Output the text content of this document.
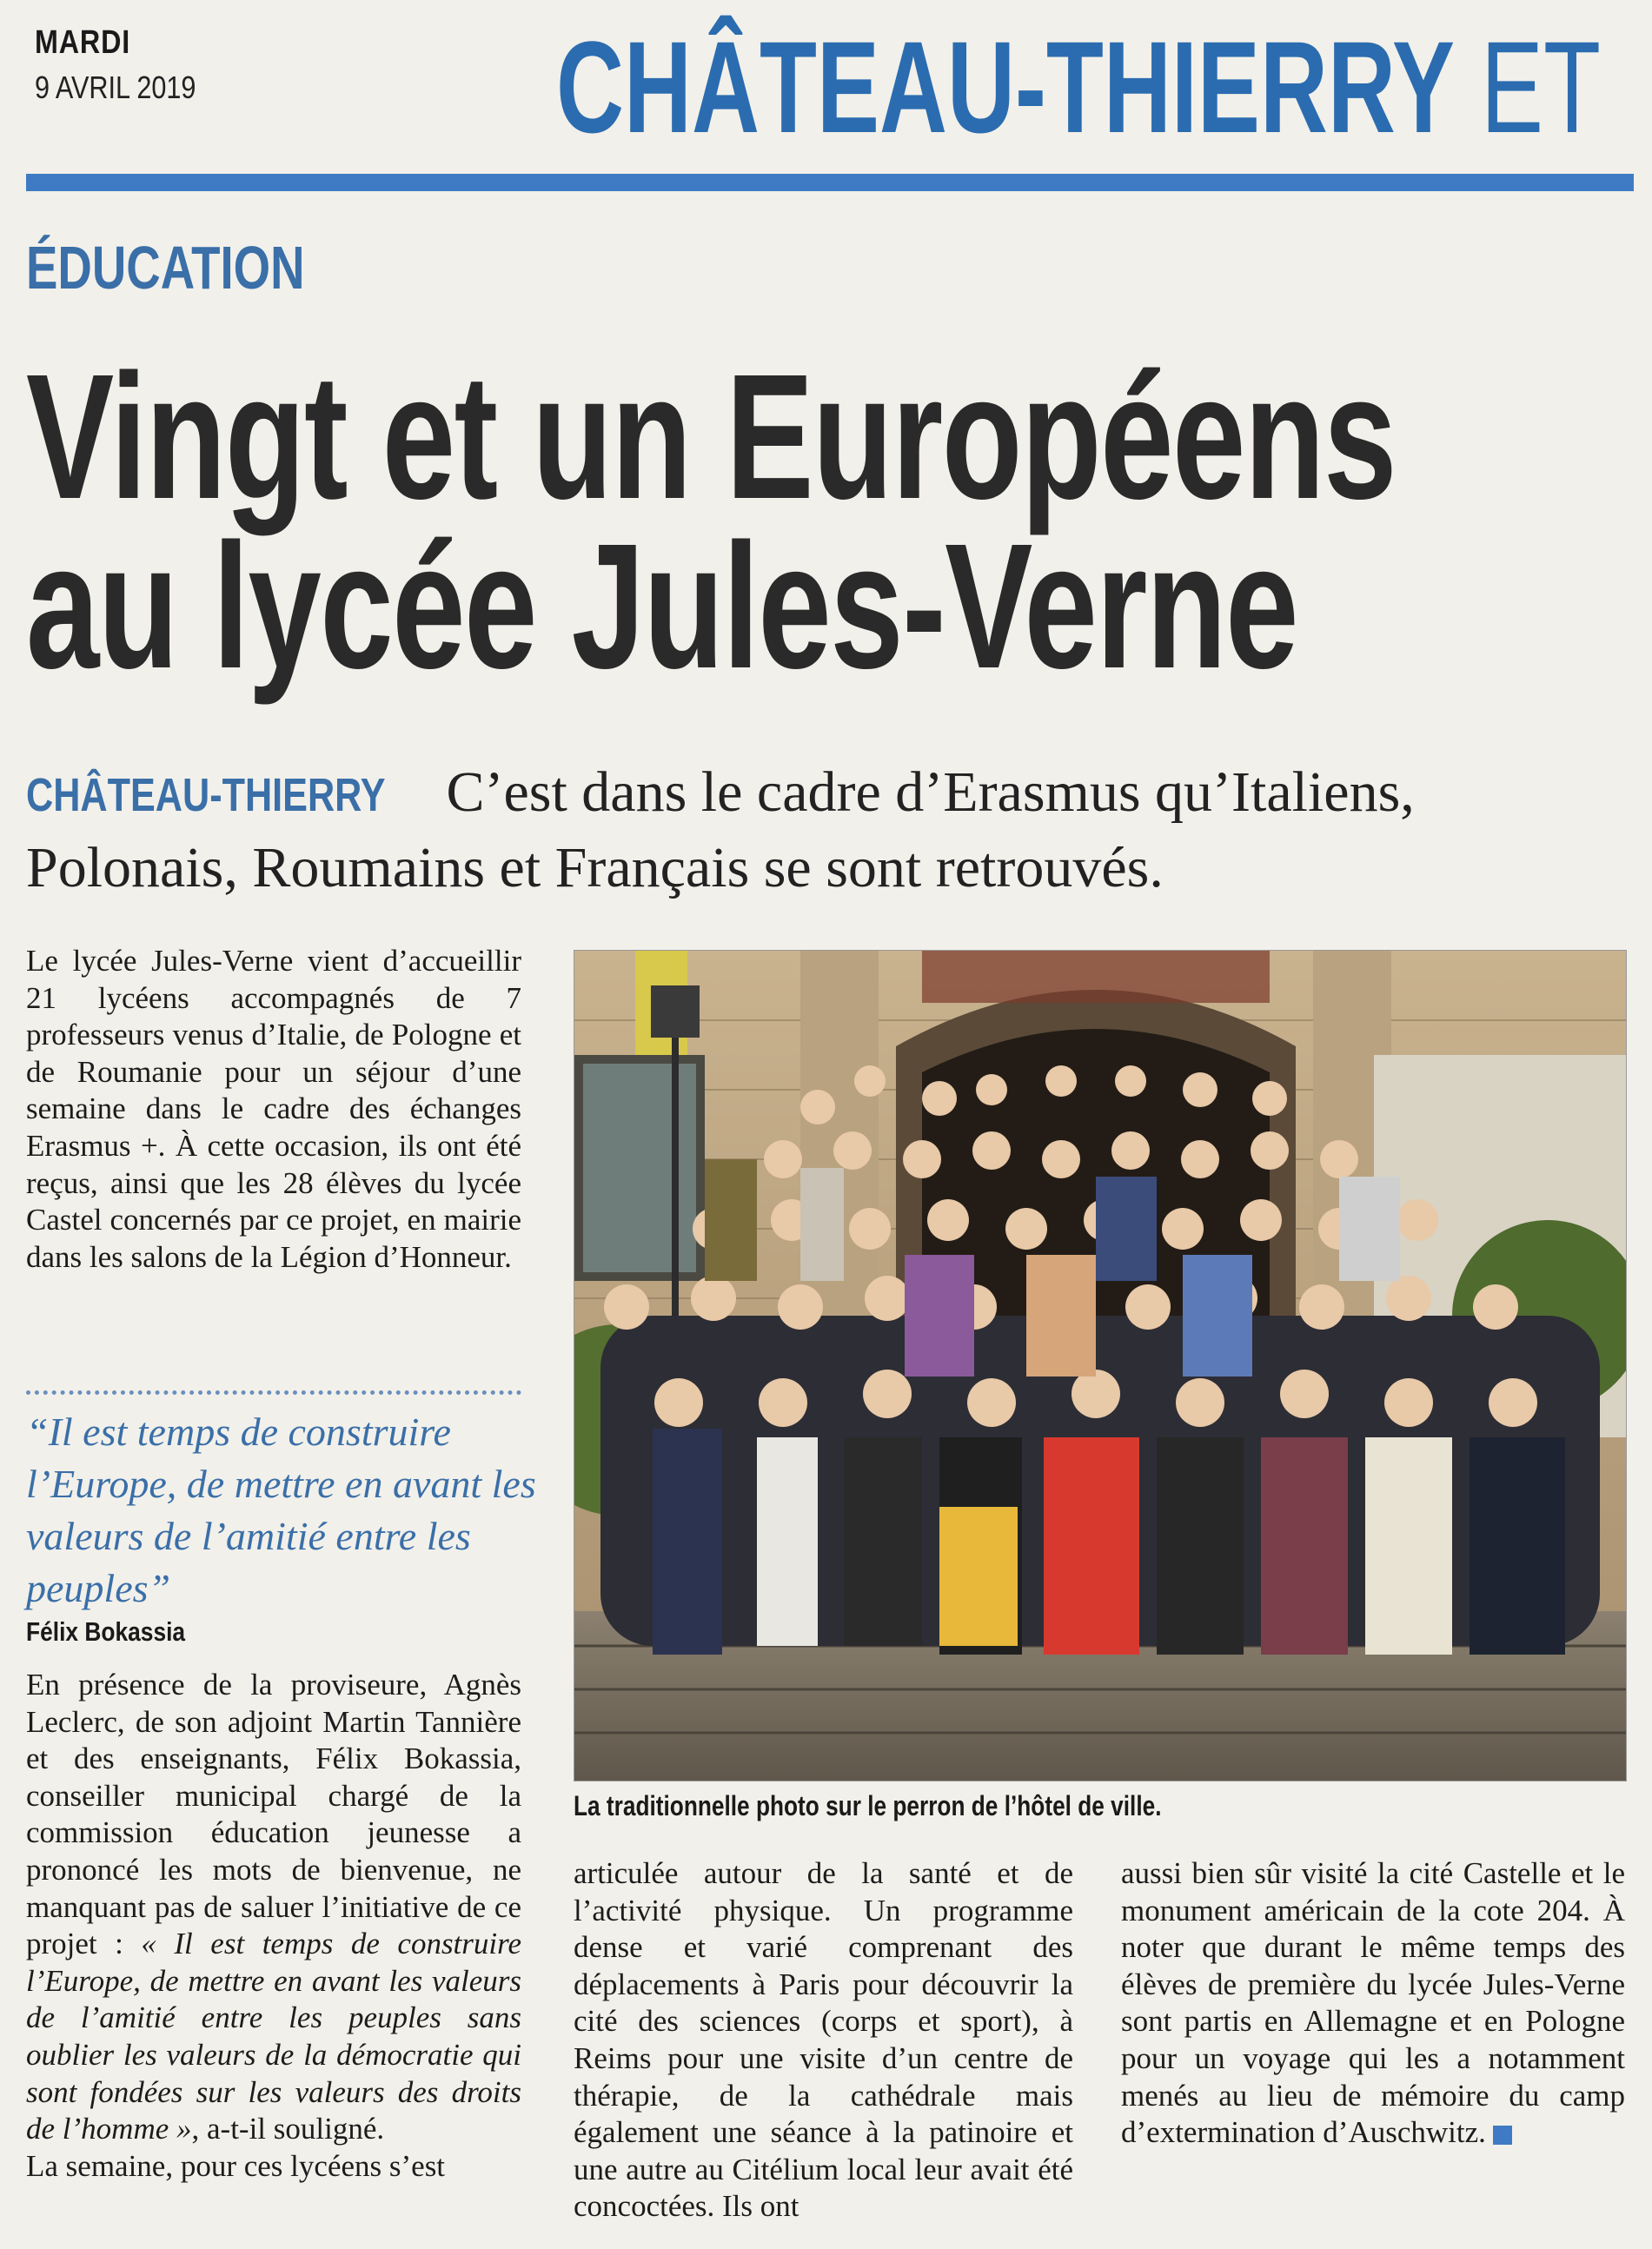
MARDI
9 AVRIL 2019	CHÂTEAU-THIERRY ET
ÉDUCATION
Vingt et un Européens
au lycée Jules-Verne
CHÂTEAU-THIERRY C’est dans le cadre d’Erasmus qu’Italiens, Polonais, Roumains et Français se sont retrouvés.

Le lycée Jules-Verne vient d’accueillir 21 lycéens accompagnés de 7 professeurs venus d’Italie, de Pologne et de Roumanie pour un séjour d’une semaine dans le cadre des échanges Erasmus +. À cette occasion, ils ont été reçus, ainsi que les 28 élèves du lycée Castel concernés par ce projet, en mairie dans les salons de la Légion d’Honneur.

“Il est temps de construire l’Europe, de mettre en avant les valeurs de l’amitié entre les peuples”
Félix Bokassia

En présence de la proviseure, Agnès Leclerc, de son adjoint Martin Tannière et des enseignants, Félix Bokassia, conseiller municipal chargé de la commission éducation jeunesse a prononcé les mots de bienvenue, ne manquant pas de saluer l’initiative de ce projet : « Il est temps de construire l’Europe, de mettre en avant les valeurs de l’amitié entre les peuples sans oublier les valeurs de la démocratie qui sont fondées sur les valeurs des droits de l’homme », a-t-il souligné.

La semaine, pour ces lycéens s’est

La traditionnelle photo sur le perron de l’hôtel de ville.

articulée autour de la santé et de l’activité physique. Un programme dense et varié comprenant des déplacements à Paris pour découvrir la cité des sciences (corps et sport), à Reims pour une visite d’un centre de thérapie, de la cathédrale mais également une séance à la patinoire et une autre au Citélium local leur avait été concoctées. Ils ont

aussi bien sûr visité la cité Castelle et le monument américain de la cote 204. À noter que durant le même temps des élèves de première du lycée Jules-Verne sont partis en Allemagne et en Pologne pour un voyage qui les a notamment menés au lieu de mémoire du camp d’extermination d’Auschwitz.
